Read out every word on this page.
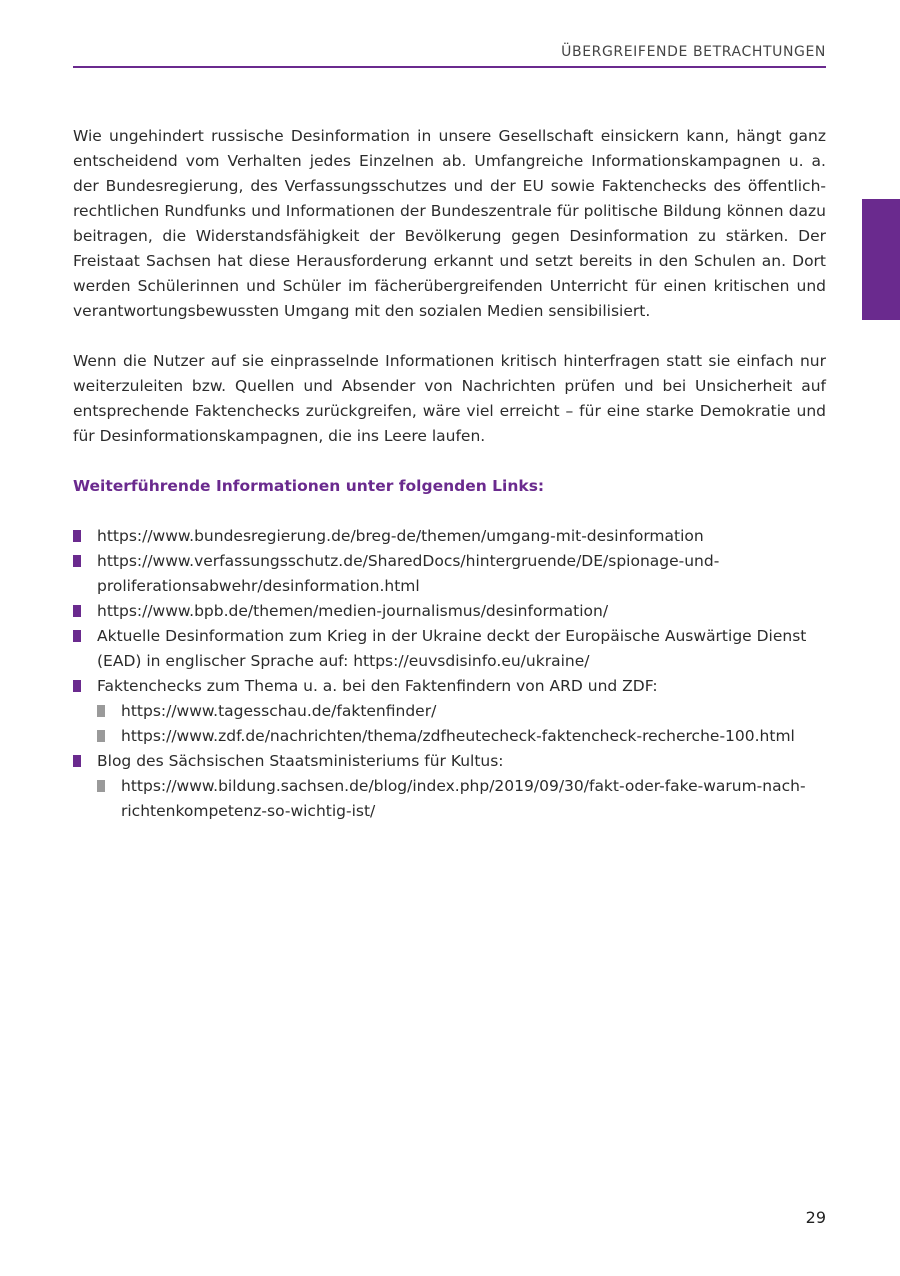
ÜBERGREIFENDE BETRACHTUNGEN

Wie ungehindert russische Desinformation in unsere Gesellschaft einsickern kann, hängt ganz entscheidend vom Verhalten jedes Einzelnen ab. Umfangreiche Informationskampagnen u. a. der Bundesregierung, des Verfassungsschutzes und der EU sowie Faktenchecks des öffentlich-rechtlichen Rundfunks und Informationen der Bundeszentrale für politische Bildung können dazu beitragen, die Widerstandsfähigkeit der Bevölkerung gegen Desinformation zu stärken. Der Freistaat Sachsen hat diese Herausforderung erkannt und setzt bereits in den Schulen an. Dort werden Schülerinnen und Schüler im fächerübergreifenden Unterricht für einen kritischen und verantwortungsbewussten Umgang mit den sozialen Medien sensibilisiert.

Wenn die Nutzer auf sie einprasselnde Informationen kritisch hinterfragen statt sie einfach nur weiterzuleiten bzw. Quellen und Absender von Nachrichten prüfen und bei Unsicherheit auf entsprechende Faktenchecks zurückgreifen, wäre viel erreicht – für eine starke Demokratie und für Desinformationskampagnen, die ins Leere laufen.

Weiterführende Informationen unter folgenden Links:
https://www.bundesregierung.de/breg-de/themen/umgang-mit-desinformation
https://www.verfassungsschutz.de/SharedDocs/hintergruende/DE/spionage-und-proliferationsabwehr/desinformation.html
https://www.bpb.de/themen/medien-journalismus/desinformation/
Aktuelle Desinformation zum Krieg in der Ukraine deckt der Europäische Auswärtige Dienst (EAD) in englischer Sprache auf: https://euvsdisinfo.eu/ukraine/
Faktenchecks zum Thema u. a. bei den Faktenfindern von ARD und ZDF:
https://www.tagesschau.de/faktenfinder/
https://www.zdf.de/nachrichten/thema/zdfheutecheck-faktencheck-recherche-100.html
Blog des Sächsischen Staatsministeriums für Kultus:
https://www.bildung.sachsen.de/blog/index.php/2019/09/30/fakt-oder-fake-warum-nachrichtenkompetenz-so-wichtig-ist/
29
